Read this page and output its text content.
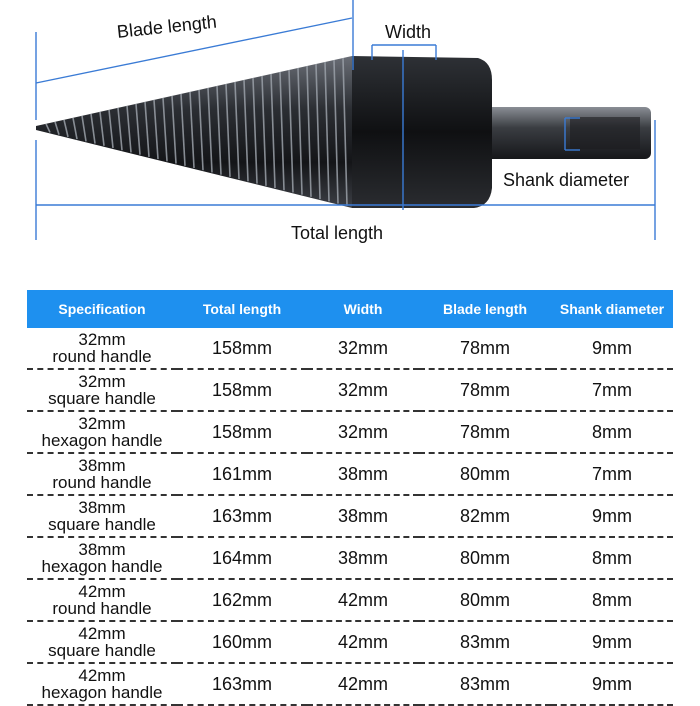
Blade length	Width
Shank diameter
Total length
Specification	Total length	Width	Blade length	Shank diameter

32mm
round handle	158mm	32mm	78mm	9mm

32mm
square handle	158mm	32mm	78mm	7mm

32mm
hexagon handle	158mm	32mm	78mm	8mm

38mm
round handle	161mm	38mm	80mm	7mm

38mm
square handle	163mm	38mm	82mm	9mm

38mm
hexagon handle	164mm	38mm	80mm	8mm

42mm
round handle	162mm	42mm	80mm	8mm

42mm
square handle	160mm	42mm	83mm	9mm

42mm
hexagon handle	163mm	42mm	83mm	9mm
